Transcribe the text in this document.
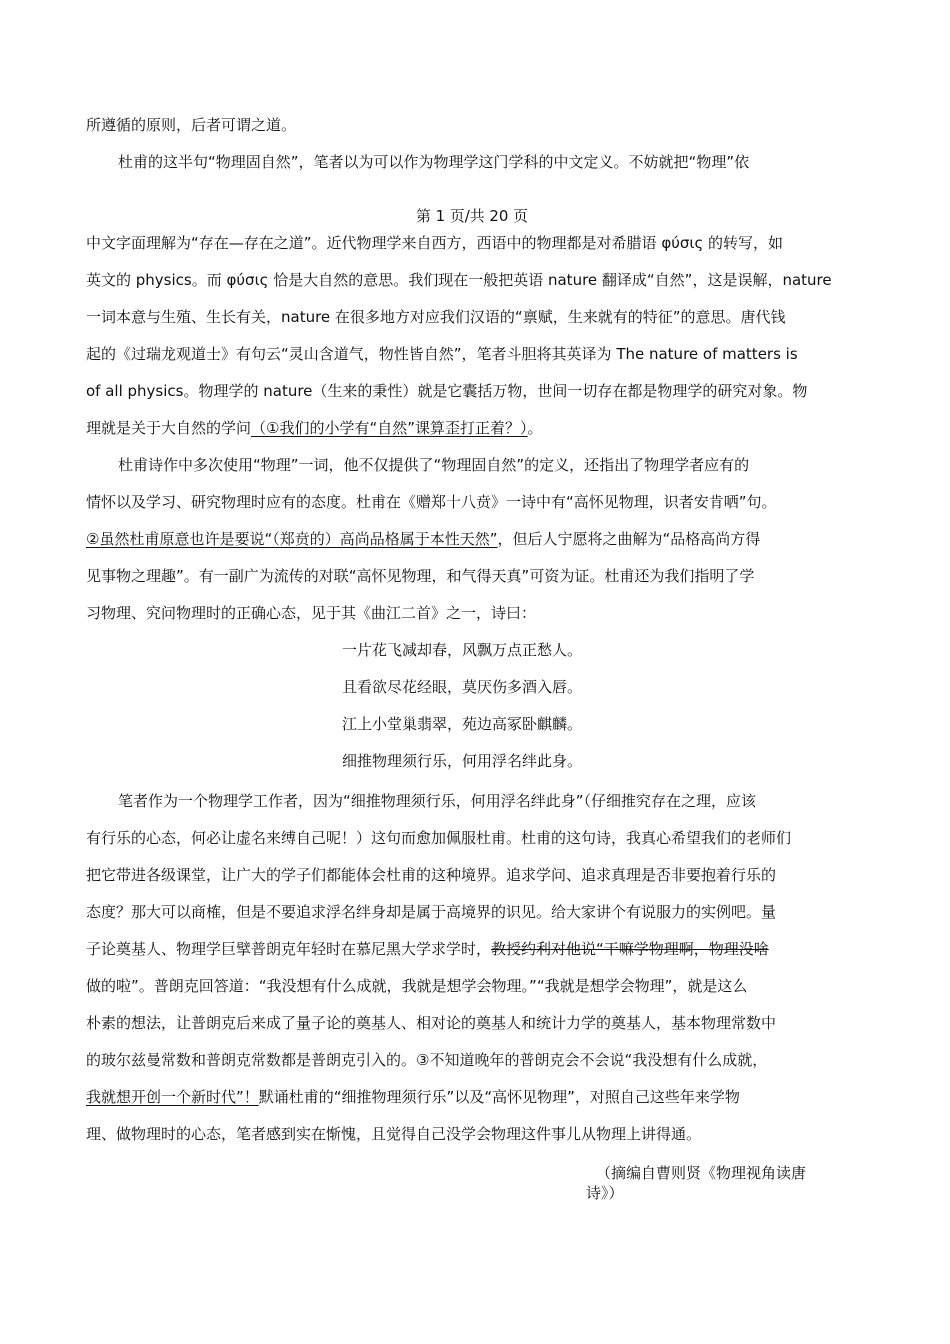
所遵循的原则，后者可谓之道。
杜甫的这半句“物理固自然”，笔者以为可以作为物理学这门学科的中文定义。不妨就把“物理”依
第 1 页/共 20 页
中文字面理解为“存在—存在之道”。近代物理学来自西方，西语中的物理都是对希腊语 φύσις 的转写，如
英文的 physics。而 φύσις 恰是大自然的意思。我们现在一般把英语 nature 翻译成“自然”，这是误解，nature
一词本意与生殖、生长有关，nature 在很多地方对应我们汉语的“禀赋，生来就有的特征”的意思。唐代钱
起的《过瑞龙观道士》有句云“灵山含道气，物性皆自然”，笔者斗胆将其英译为 The nature of matters is
of all physics。物理学的 nature（生来的秉性）就是它囊括万物，世间一切存在都是物理学的研究对象。物
理就是关于大自然的学问（①我们的小学有“自然”课算歪打正着？）。
杜甫诗作中多次使用“物理”一词，他不仅提供了“物理固自然”的定义，还指出了物理学者应有的
情怀以及学习、研究物理时应有的态度。杜甫在《赠郑十八贲》一诗中有“高怀见物理，识者安肯哂”句。
②虽然杜甫原意也许是要说“（郑贲的）高尚品格属于本性天然”，但后人宁愿将之曲解为“品格高尚方得
见事物之理趣”。有一副广为流传的对联“高怀见物理，和气得天真”可资为证。杜甫还为我们指明了学
习物理、究问物理时的正确心态，见于其《曲江二首》之一，诗曰：
一片花飞减却春，风飘万点正愁人。
且看欲尽花经眼，莫厌伤多酒入唇。
江上小堂巢翡翠，苑边高冢卧麒麟。
细推物理须行乐，何用浮名绊此身。
笔者作为一个物理学工作者，因为“细推物理须行乐，何用浮名绊此身”（仔细推究存在之理，应该
有行乐的心态，何必让虚名来缚自己呢！）这句而愈加佩服杜甫。杜甫的这句诗，我真心希望我们的老师们
把它带进各级课堂，让广大的学子们都能体会杜甫的这种境界。追求学问、追求真理是否非要抱着行乐的
态度？那大可以商榷，但是不要追求浮名绊身却是属于高境界的识见。给大家讲个有说服力的实例吧。量
子论奠基人、物理学巨擘普朗克年轻时在慕尼黑大学求学时，教授约利对他说“干嘛学物理啊，物理没啥
做的啦”。普朗克回答道：“我没想有什么成就，我就是想学会物理。”“我就是想学会物理”，就是这么
朴素的想法，让普朗克后来成了量子论的奠基人、相对论的奠基人和统计力学的奠基人，基本物理常数中
的玻尔兹曼常数和普朗克常数都是普朗克引入的。③不知道晚年的普朗克会不会说“我没想有什么成就，
我就想开创一个新时代”！默诵杜甫的“细推物理须行乐”以及“高怀见物理”，对照自己这些年来学物
理、做物理时的心态，笔者感到实在惭愧，且觉得自己没学会物理这件事儿从物理上讲得通。
（摘编自曹则贤《物理视角读唐
诗》）
